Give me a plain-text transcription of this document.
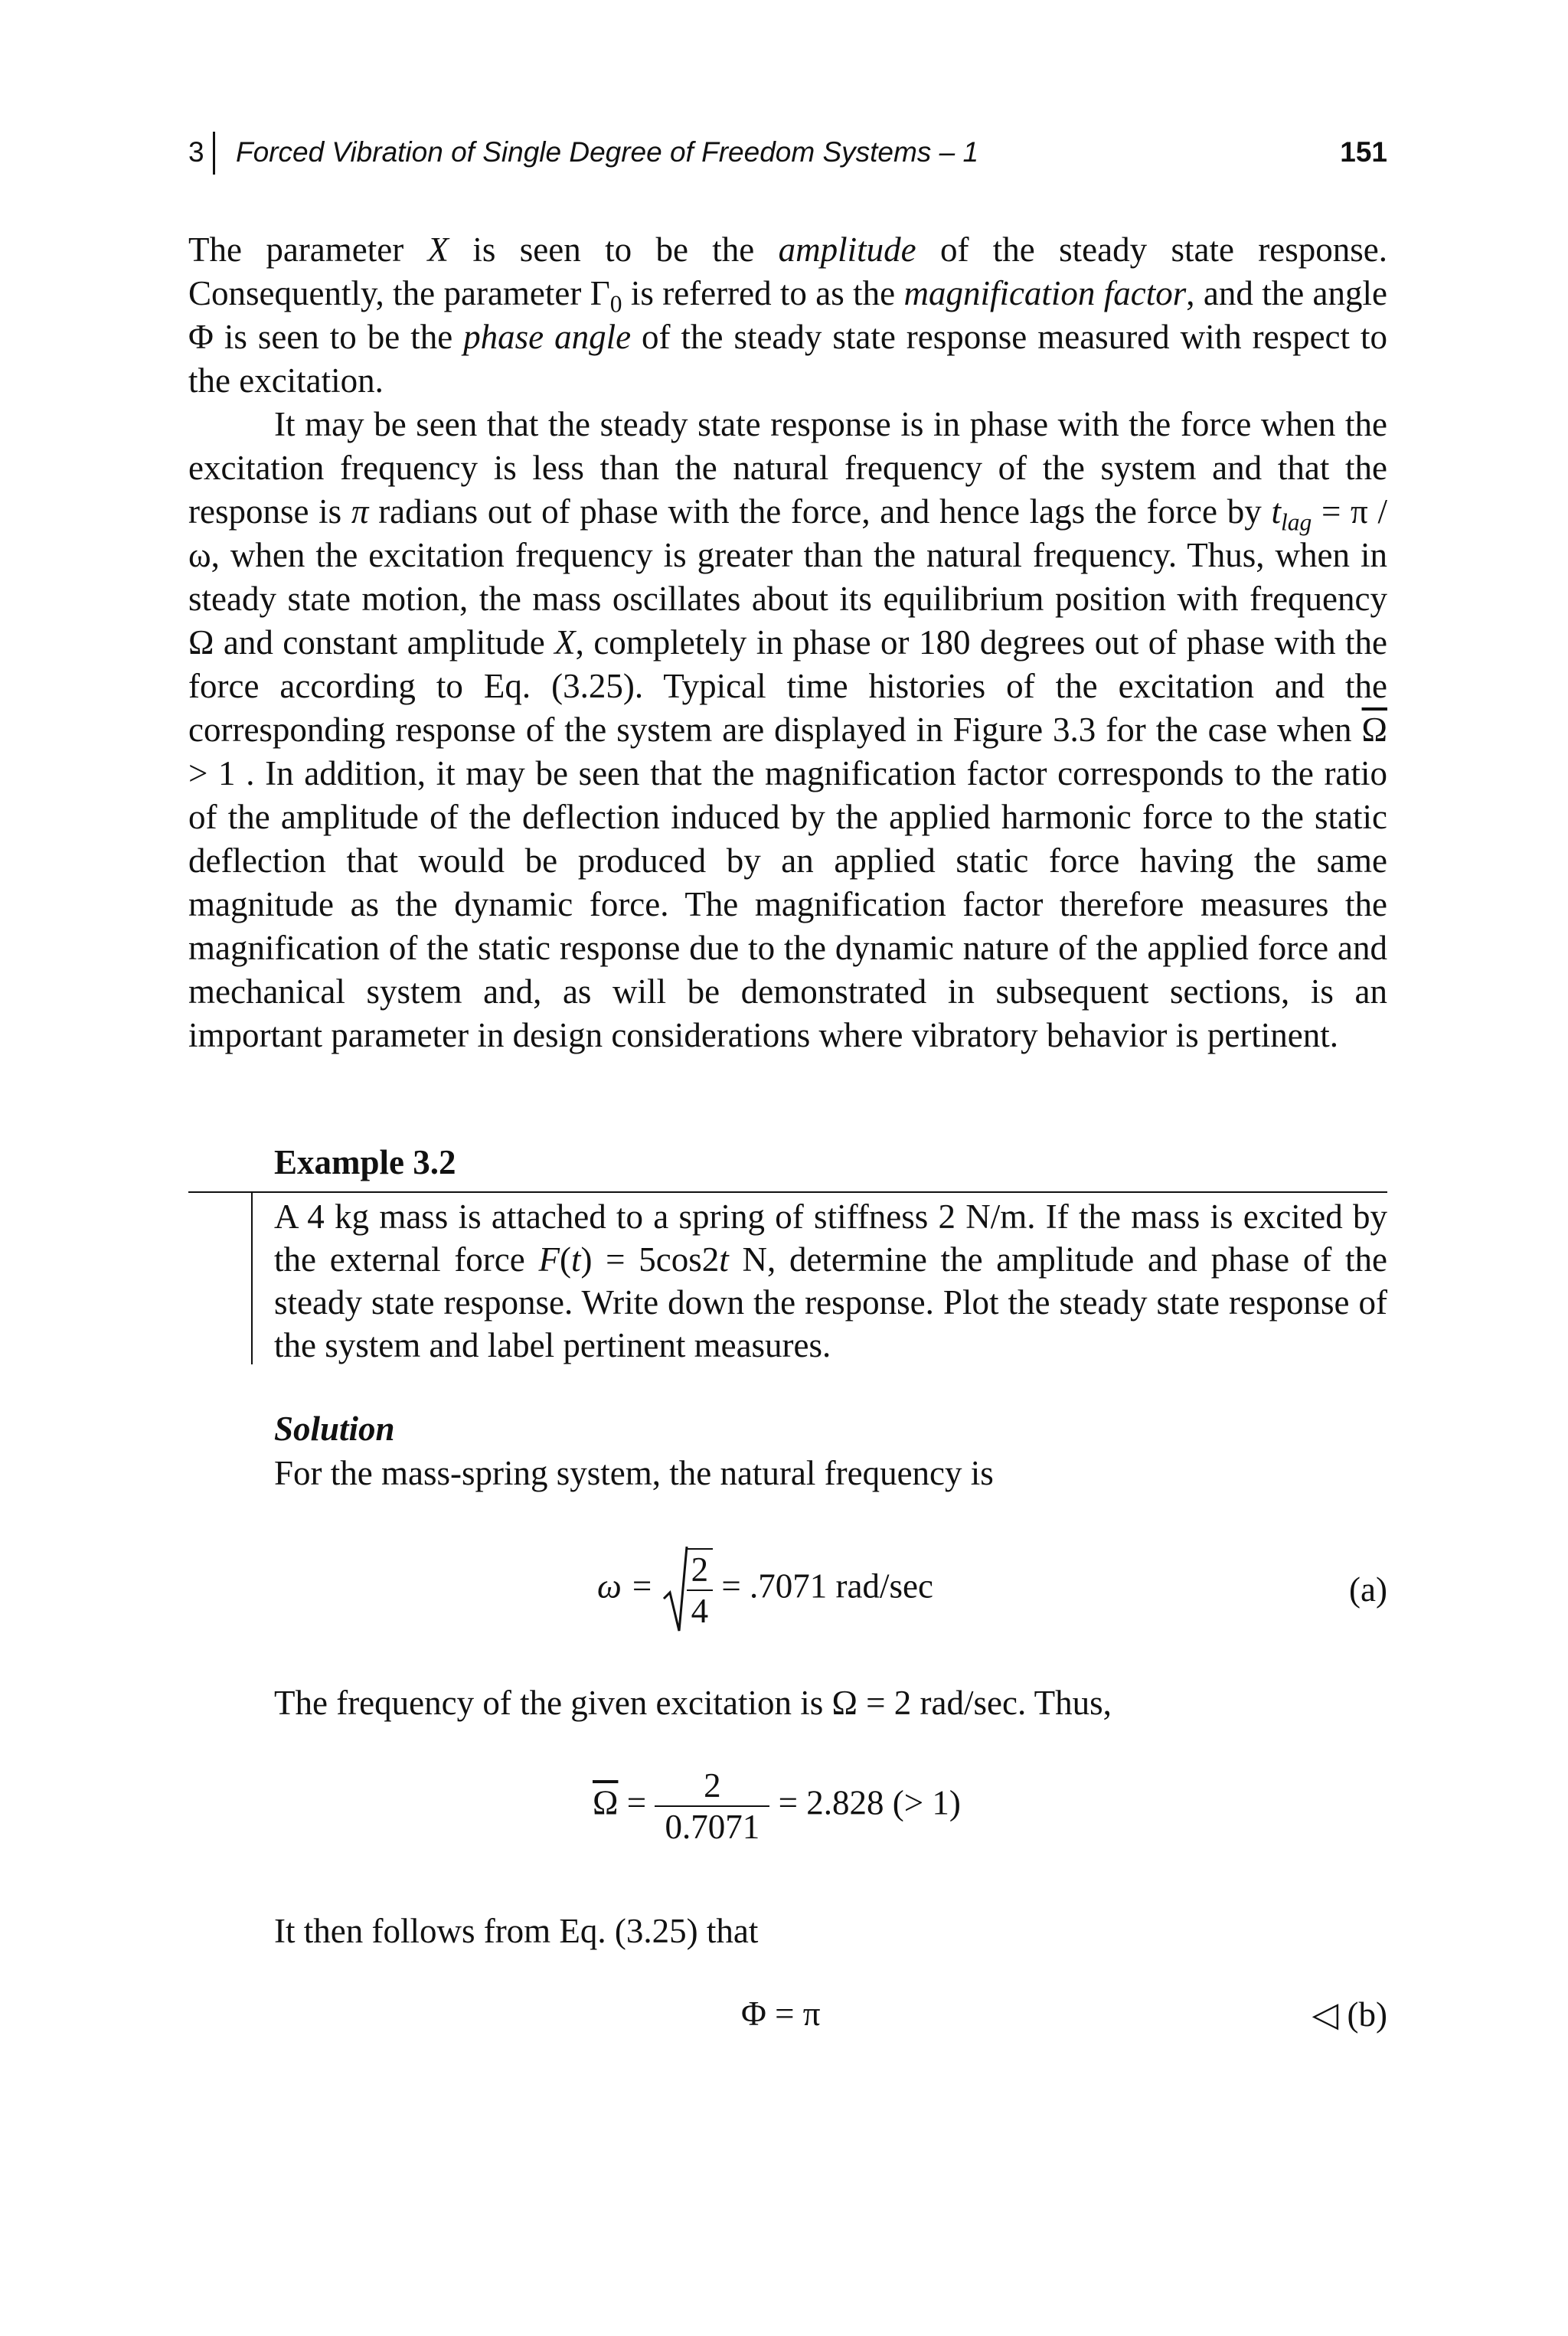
3 Forced Vibration of Single Degree of Freedom Systems – 1	151

The parameter X is seen to be the amplitude of the steady state response. Consequently, the parameter $\Gamma_0$ is referred to as the magnification factor, and the angle Φ is seen to be the phase angle of the steady state response measured with respect to the excitation.

It may be seen that the steady state response is in phase with the force when the excitation frequency is less than the natural frequency of the system and that the response is π radians out of phase with the force, and hence lags the force by $t_{lag} = \pi / \omega$, when the excitation frequency is greater than the natural frequency. Thus, when in steady state motion, the mass oscillates about its equilibrium position with frequency Ω and constant amplitude X, completely in phase or 180 degrees out of phase with the force according to Eq. (3.25). Typical time histories of the excitation and the corresponding response of the system are displayed in Figure 3.3 for the case when $\overline{\Omega} > 1$ . In addition, it may be seen that the magnification factor corresponds to the ratio of the amplitude of the deflection induced by the applied harmonic force to the static deflection that would be produced by an applied static force having the same magnitude as the dynamic force. The magnification factor therefore measures the magnification of the static response due to the dynamic nature of the applied force and mechanical system and, as will be demonstrated in subsequent sections, is an important parameter in design considerations where vibratory behavior is pertinent.

Example 3.2
A 4 kg mass is attached to a spring of stiffness 2 N/m. If the mass is excited by the external force F(t) = 5cos2t N, determine the amplitude and phase of the steady state response. Write down the response. Plot the steady state response of the system and label pertinent measures.
Solution
For the mass-spring system, the natural frequency is
$\omega = \frac{2}{4} = .7071$ rad/sec	(a)
The frequency of the given excitation is Ω = 2 rad/sec. Thus,
$\overline{\Omega} = \frac{2}{0.7071} = 2.828$ (> 1)
It then follows from Eq. (3.25) that
Φ = π	◁ (b)
